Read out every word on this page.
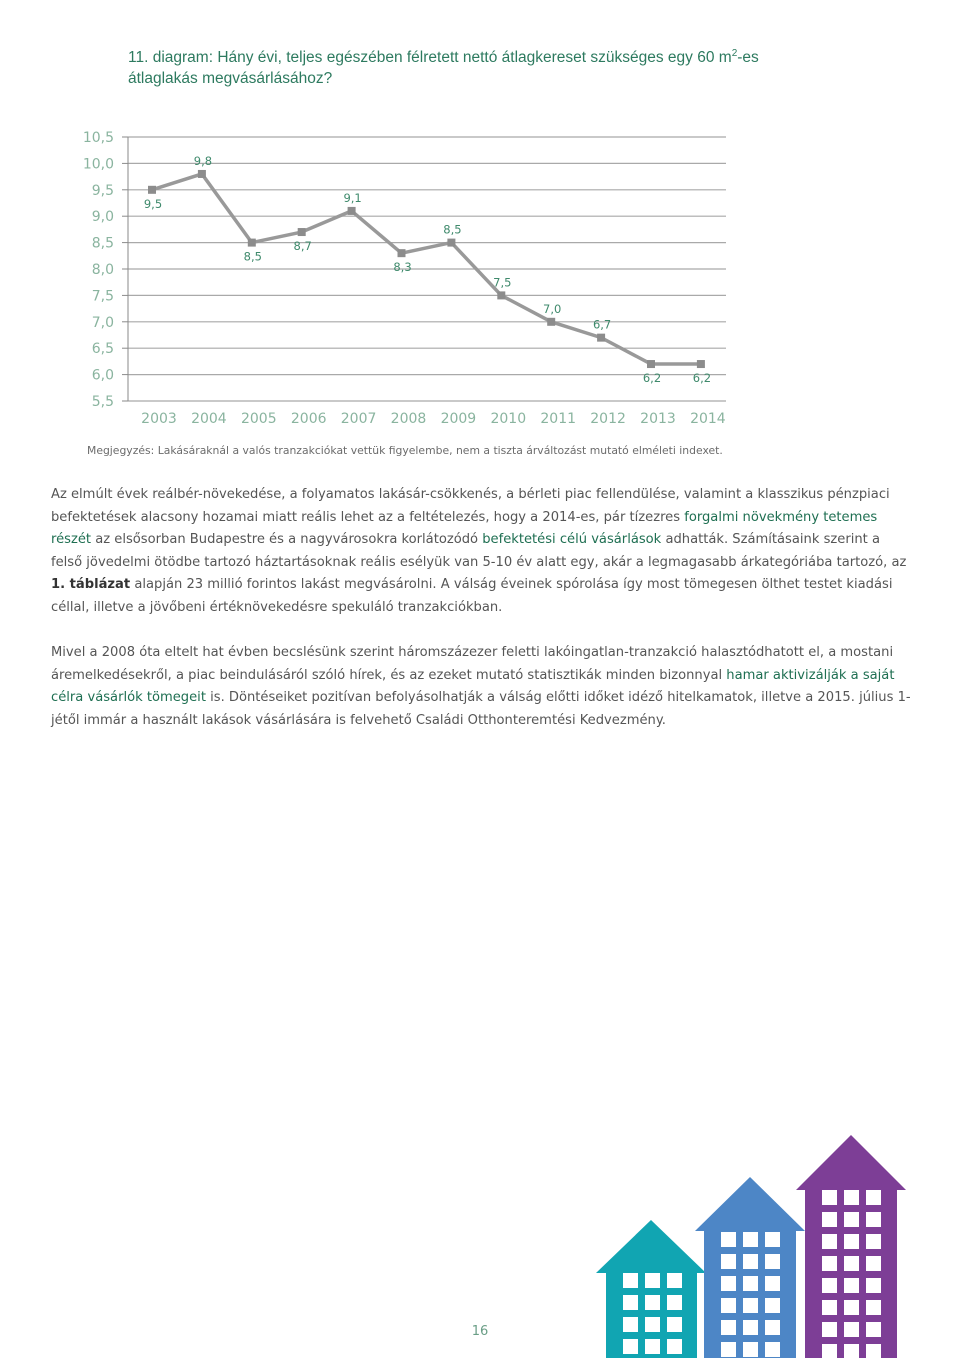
11. diagram: Hány évi, teljes egészében félretett nettó átlagkereset szükséges egy 60 $m^2-es$ átlaglakás megvásárlásához?
10,5
10,0
9,5
9,0
8,5
8,0
7,5
7,0
6,5
6,0
5,5
2003 2004 2005 2006 2007 2008 2009 2010 2011 2012 2013 2014
9,5
9,8
8,5
8,7
9,1
8,3
8,5
7,5
7,0
6,7
6,2	6,2
Megjegyzés: Lakásáraknál a valós tranzakciókat vettük figyelembe, nem a tiszta árváltozást mutató elméleti indexet.

Az elmúlt évek reálbér-növekedése, a folyamatos lakásár-csökkenés, a bérleti piac fellendülése, valamint a klasszikus pénzpiaci befektetések alacsony hozamai miatt reális lehet az a feltételezés, hogy a 2014-es, pár tízezres forgalmi növekmény tetemes részét az elsősorban Budapestre és a nagyvárosokra korlátozódó befektetési célú vásárlások adhatták. Számításaink szerint a felső jövedelmi ötödbe tartozó háztartásoknak reális esélyük van 5-10 év alatt egy, akár a legmagasabb árkategóriába tartozó, az 1. táblázat alapján 23 millió forintos lakást megvásárolni. A válság éveinek spórolása így most tömegesen ölthet testet kiadási céllal, illetve a jövőbeni értéknövekedésre spekuláló tranzakciókban.

Mivel a 2008 óta eltelt hat évben becslésünk szerint háromszázezer feletti lakóingatlan-tranzakció halasztódhatott el, a mostani áremelkedésekről, a piac beindulásáról szóló hírek, és az ezeket mutató statisztikák minden bizonnyal hamar aktivizálják a saját célra vásárlók tömegeit is. Döntéseiket pozitívan befolyásolhatják a válság előtti időket idéző hitelkamatok, illetve a 2015. július 1-jétől immár a használt lakások vásárlására is felvehető Családi Otthonteremtési Kedvezmény.

16
